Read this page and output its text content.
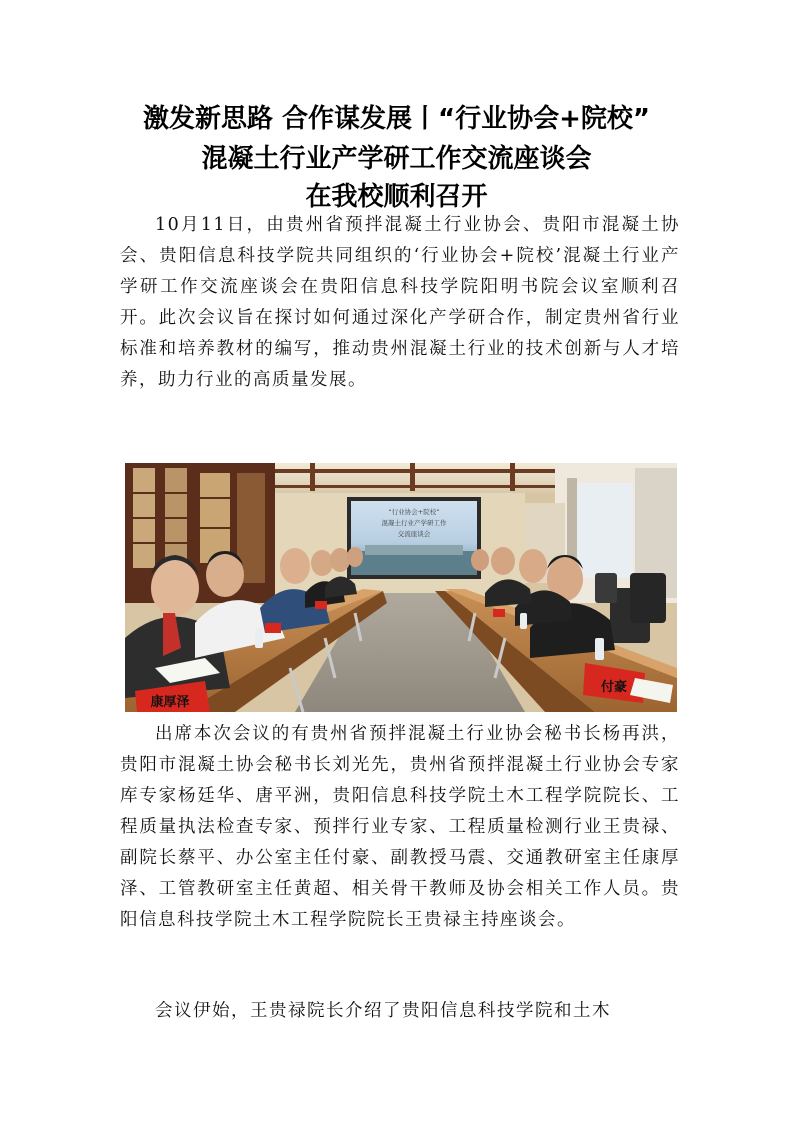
激发新思路 合作谋发展丨“行业协会+院校”
混凝土行业产学研工作交流座谈会
在我校顺利召开
10月11日，由贵州省预拌混凝土行业协会、贵阳市混凝土协会、贵阳信息科技学院共同组织的‘行业协会+院校’混凝土行业产学研工作交流座谈会在贵阳信息科技学院阳明书院会议室顺利召开。此次会议旨在探讨如何通过深化产学研合作，制定贵州省行业标准和培养教材的编写，推动贵州混凝土行业的技术创新与人才培养，助力行业的高质量发展。
“行业协会+院校”
混凝土行业产学研工作
交流座谈会
康厚泽
付豪
出席本次会议的有贵州省预拌混凝土行业协会秘书长杨再洪，贵阳市混凝土协会秘书长刘光先，贵州省预拌混凝土行业协会专家库专家杨廷华、唐平洲，贵阳信息科技学院土木工程学院院长、工程质量执法检查专家、预拌行业专家、工程质量检测行业王贵禄、副院长蔡平、办公室主任付豪、副教授马震、交通教研室主任康厚泽、工管教研室主任黄超、相关骨干教师及协会相关工作人员。贵阳信息科技学院土木工程学院院长王贵禄主持座谈会。
会议伊始，王贵禄院长介绍了贵阳信息科技学院和土木
